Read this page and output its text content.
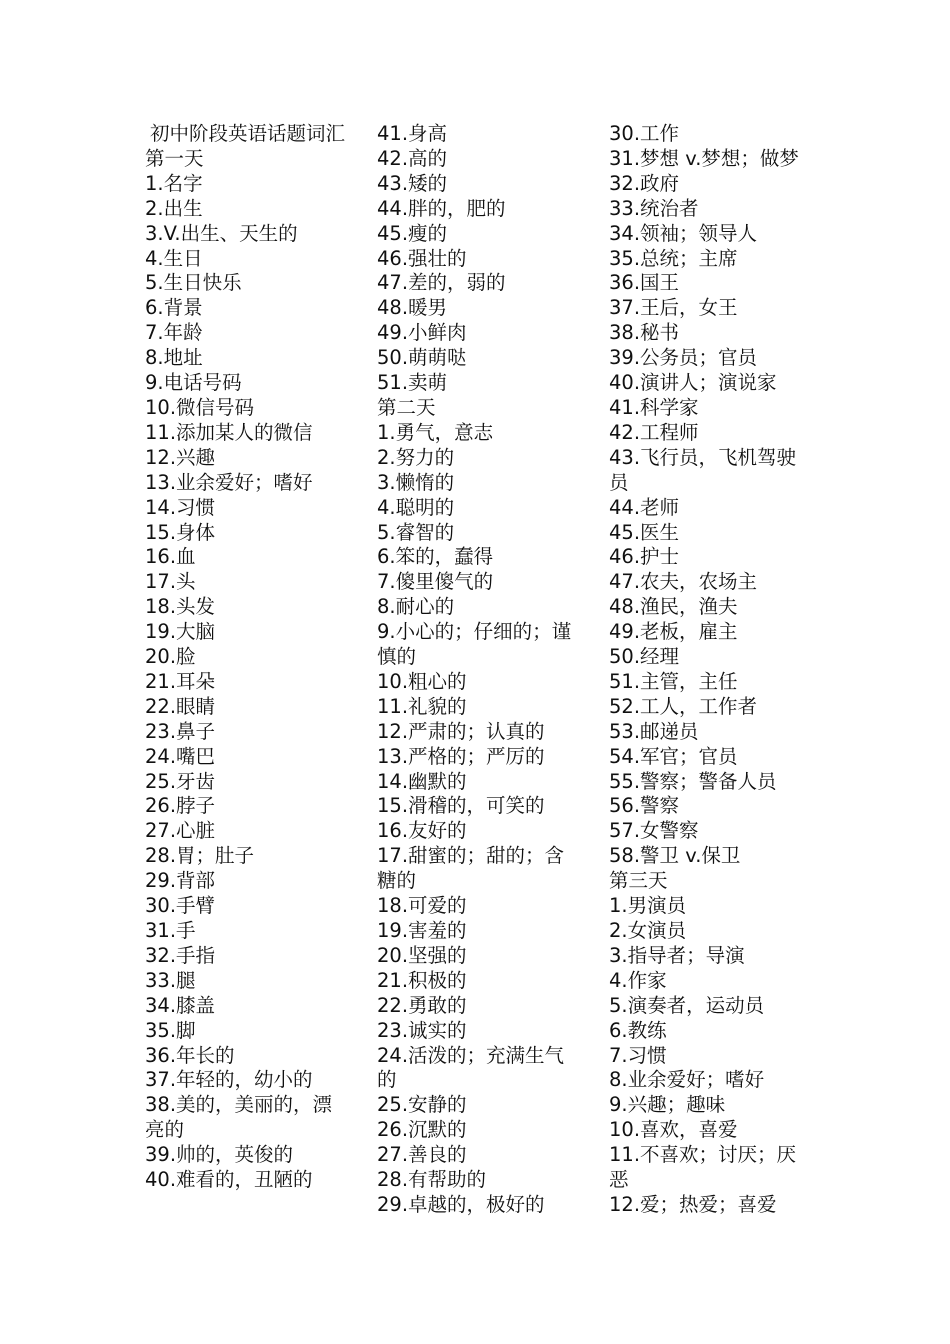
初中阶段英语话题词汇
第一天
1.名字
2.出生
3.V.出生、天生的
4.生日
5.生日快乐
6.背景
7.年龄
8.地址
9.电话号码
10.微信号码
11.添加某人的微信
12.兴趣
13.业余爱好；嗜好
14.习惯
15.身体
16.血
17.头
18.头发
19.大脑
20.脸
21.耳朵
22.眼睛
23.鼻子
24.嘴巴
25.牙齿
26.脖子
27.心脏
28.胃；肚子
29.背部
30.手臂
31.手
32.手指
33.腿
34.膝盖
35.脚
36.年长的
37.年轻的，幼小的
38.美的，美丽的，漂亮的
39.帅的，英俊的
40.难看的，丑陋的
41.身高
42.高的
43.矮的
44.胖的，肥的
45.瘦的
46.强壮的
47.差的，弱的
48.暖男
49.小鲜肉
50.萌萌哒
51.卖萌
第二天
1.勇气，意志
2.努力的
3.懒惰的
4.聪明的
5.睿智的
6.笨的，蠢得
7.傻里傻气的
8.耐心的
9.小心的；仔细的；谨慎的
10.粗心的
11.礼貌的
12.严肃的；认真的
13.严格的；严厉的
14.幽默的
15.滑稽的，可笑的
16.友好的
17.甜蜜的；甜的；含糖的
18.可爱的
19.害羞的
20.坚强的
21.积极的
22.勇敢的
23.诚实的
24.活泼的；充满生气的
25.安静的
26.沉默的
27.善良的
28.有帮助的
29.卓越的，极好的
30.工作
31.梦想 v.梦想；做梦
32.政府
33.统治者
34.领袖；领导人
35.总统；主席
36.国王
37.王后，女王
38.秘书
39.公务员；官员
40.演讲人；演说家
41.科学家
42.工程师
43.飞行员，飞机驾驶员
44.老师
45.医生
46.护士
47.农夫，农场主
48.渔民，渔夫
49.老板，雇主
50.经理
51.主管，主任
52.工人，工作者
53.邮递员
54.军官；官员
55.警察；警备人员
56.警察
57.女警察
58.警卫 v.保卫
第三天
1.男演员
2.女演员
3.指导者；导演
4.作家
5.演奏者，运动员
6.教练
7.习惯
8.业余爱好；嗜好
9.兴趣；趣味
10.喜欢，喜爱
11.不喜欢；讨厌；厌恶
12.爱；热爱；喜爱
